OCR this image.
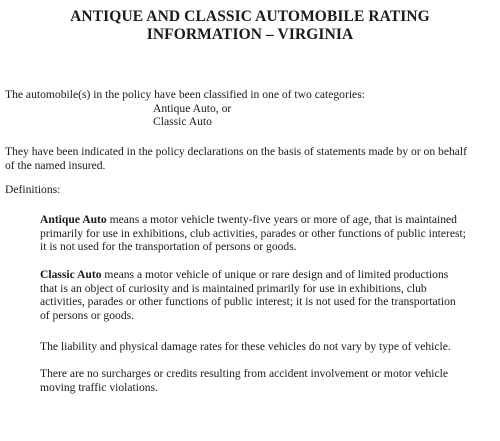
ANTIQUE AND CLASSIC AUTOMOBILE RATING
INFORMATION – VIRGINIA
The automobile(s) in the policy have been classified in one of two categories:
Antique Auto, or
Classic Auto
They have been indicated in the policy declarations on the basis of statements made by or on behalf
of the named insured.
Definitions:
Antique Auto means a motor vehicle twenty-five years or more of age, that is maintained
primarily for use in exhibitions, club activities, parades or other functions of public interest;
it is not used for the transportation of persons or goods.
Classic Auto means a motor vehicle of unique or rare design and of limited productions
that is an object of curiosity and is maintained primarily for use in exhibitions, club
activities, parades or other functions of public interest; it is not used for the transportation
of persons or goods.
The liability and physical damage rates for these vehicles do not vary by type of vehicle.
There are no surcharges or credits resulting from accident involvement or motor vehicle
moving traffic violations.
